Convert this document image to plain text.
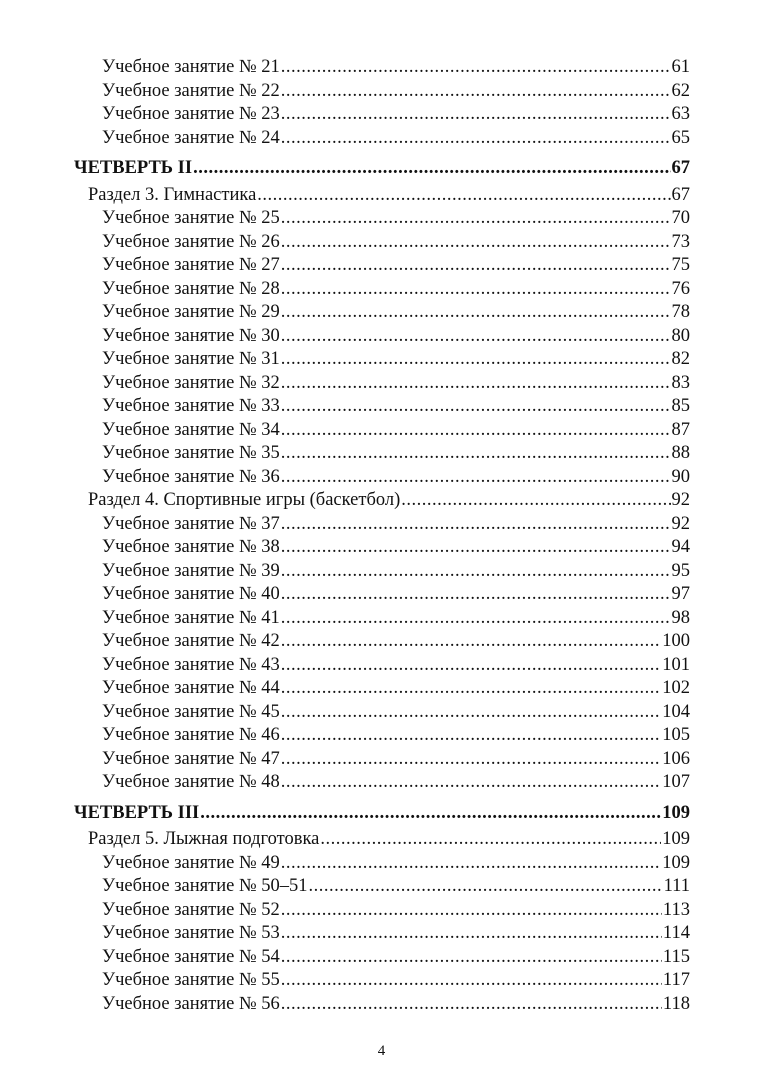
Учебное занятие № 21 .....	61
Учебное занятие № 22 .....	62
Учебное занятие № 23 .....	63
Учебное занятие № 24 .....	65
ЧЕТВЕРТЬ II .....	67
Раздел 3. Гимнастика .....	67
Учебное занятие № 25 .....	70
Учебное занятие № 26 .....	73
Учебное занятие № 27 .....	75
Учебное занятие № 28 .....	76
Учебное занятие № 29 .....	78
Учебное занятие № 30 .....	80
Учебное занятие № 31 .....	82
Учебное занятие № 32 .....	83
Учебное занятие № 33 .....	85
Учебное занятие № 34 .....	87
Учебное занятие № 35 .....	88
Учебное занятие № 36 .....	90
Раздел 4. Спортивные игры (баскетбол) .....	92
Учебное занятие № 37 .....	92
Учебное занятие № 38 .....	94
Учебное занятие № 39 .....	95
Учебное занятие № 40 .....	97
Учебное занятие № 41 .....	98
Учебное занятие № 42 .....	100
Учебное занятие № 43 .....	101
Учебное занятие № 44 .....	102
Учебное занятие № 45 .....	104
Учебное занятие № 46 .....	105
Учебное занятие № 47 .....	106
Учебное занятие № 48 .....	107
ЧЕТВЕРТЬ III .....	109
Раздел 5. Лыжная подготовка .....	109
Учебное занятие № 49 .....	109
Учебное занятие № 50–51 .....	111
Учебное занятие № 52 .....	113
Учебное занятие № 53 .....	114
Учебное занятие № 54 .....	115
Учебное занятие № 55 .....	117
Учебное занятие № 56 .....	118
4
